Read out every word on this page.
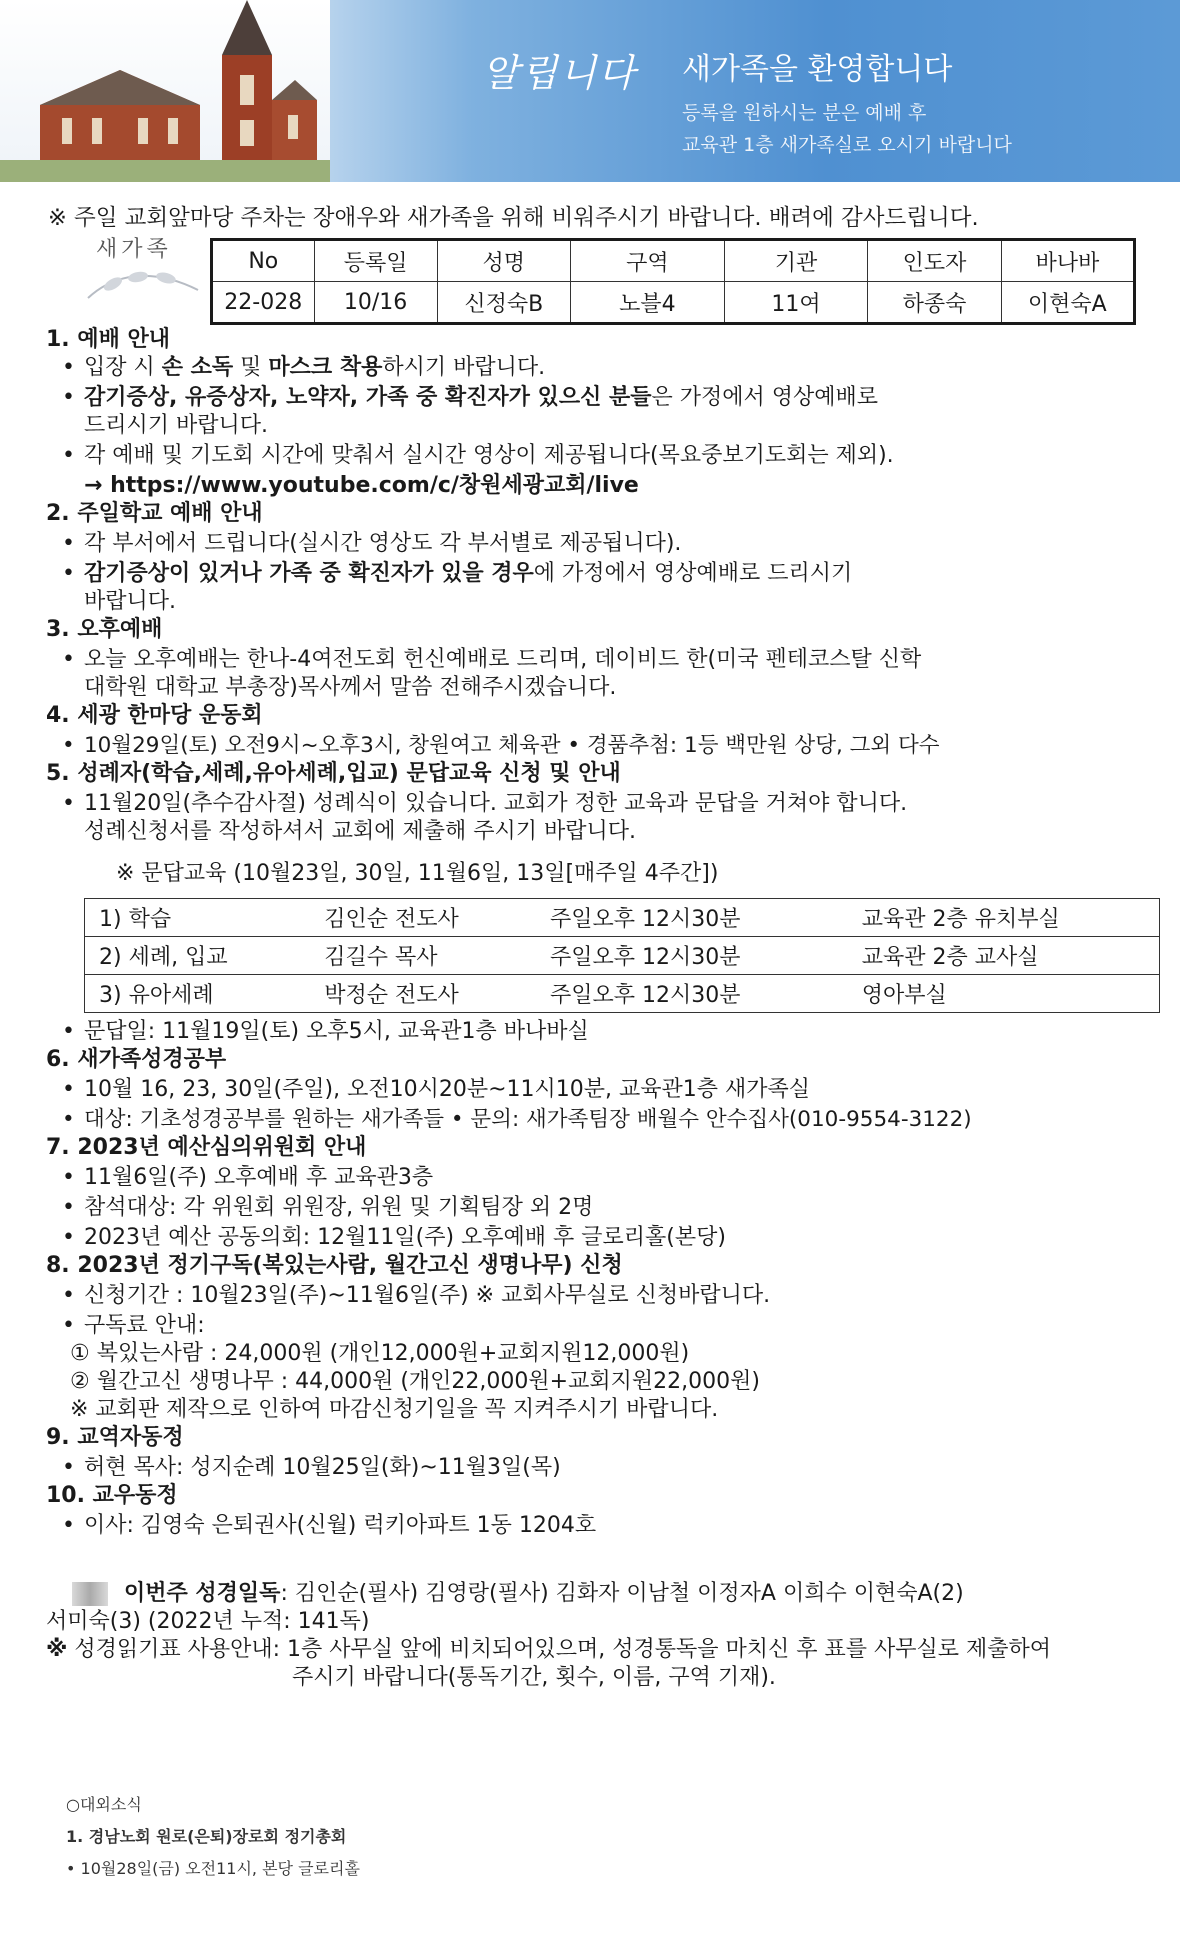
알립니다 새가족을 환영합니다
등록을 원하시는 분은 예배 후
교육관 1층 새가족실로 오시기 바랍니다
※ 주일 교회앞마당 주차는 장애우와 새가족을 위해 비워주시기 바랍니다. 배려에 감사드립니다.
새가족	No	등록일	성명	구역	기관	인도자	바나바
22-028	10/16	신정숙B	노블4	11여	하종숙	이현숙A
1. 예배 안내
• 입장 시 손 소독 및 마스크 착용하시기 바랍니다.
• 감기증상, 유증상자, 노약자, 가족 중 확진자가 있으신 분들은 가정에서 영상예배로
드리시기 바랍니다.
• 각 예배 및 기도회 시간에 맞춰서 실시간 영상이 제공됩니다(목요중보기도회는 제외).
→ https://www.youtube.com/c/창원세광교회/live
2. 주일학교 예배 안내
• 각 부서에서 드립니다(실시간 영상도 각 부서별로 제공됩니다).
• 감기증상이 있거나 가족 중 확진자가 있을 경우에 가정에서 영상예배로 드리시기
바랍니다.
3. 오후예배
• 오늘 오후예배는 한나-4여전도회 헌신예배로 드리며, 데이비드 한(미국 펜테코스탈 신학
대학원 대학교 부총장)목사께서 말씀 전해주시겠습니다.
4. 세광 한마당 운동회
• 10월29일(토) 오전9시~오후3시, 창원여고 체육관 • 경품추첨: 1등 백만원 상당, 그외 다수
5. 성례자(학습,세례,유아세례,입교) 문답교육 신청 및 안내
• 11월20일(추수감사절) 성례식이 있습니다. 교회가 정한 교육과 문답을 거쳐야 합니다.
성례신청서를 작성하셔서 교회에 제출해 주시기 바랍니다.
※ 문답교육 (10월23일, 30일, 11월6일, 13일[매주일 4주간])
1) 학습	김인순 전도사	주일오후 12시30분	교육관 2층 유치부실
2) 세례, 입교	김길수 목사	주일오후 12시30분	교육관 2층 교사실
3) 유아세례	박정순 전도사	주일오후 12시30분	영아부실
• 문답일: 11월19일(토) 오후5시, 교육관1층 바나바실
6. 새가족성경공부
• 10월 16, 23, 30일(주일), 오전10시20분~11시10분, 교육관1층 새가족실
• 대상: 기초성경공부를 원하는 새가족들 • 문의: 새가족팀장 배월수 안수집사(010-9554-3122)
7. 2023년 예산심의위원회 안내
• 11월6일(주) 오후예배 후 교육관3층
• 참석대상: 각 위원회 위원장, 위원 및 기획팀장 외 2명
• 2023년 예산 공동의회: 12월11일(주) 오후예배 후 글로리홀(본당)
8. 2023년 정기구독(복있는사람, 월간고신 생명나무) 신청
• 신청기간 : 10월23일(주)~11월6일(주) ※ 교회사무실로 신청바랍니다.
• 구독료 안내:
① 복있는사람 : 24,000원 (개인12,000원+교회지원12,000원)
② 월간고신 생명나무 : 44,000원 (개인22,000원+교회지원22,000원)
※ 교회판 제작으로 인하여 마감신청기일을 꼭 지켜주시기 바랍니다.
9. 교역자동정
• 허현 목사: 성지순례 10월25일(화)~11월3일(목)
10. 교우동정
• 이사: 김영숙 은퇴권사(신월) 럭키아파트 1동 1204호
이번주 성경일독: 김인순(필사) 김영랑(필사) 김화자 이남철 이정자A 이희수 이현숙A(2)
서미숙(3) (2022년 누적: 141독)
※ 성경읽기표 사용안내: 1층 사무실 앞에 비치되어있으며, 성경통독을 마치신 후 표를 사무실로 제출하여
주시기 바랍니다(통독기간, 횟수, 이름, 구역 기재).
○대외소식
1. 경남노회 원로(은퇴)장로회 정기총회
• 10월28일(금) 오전11시, 본당 글로리홀
